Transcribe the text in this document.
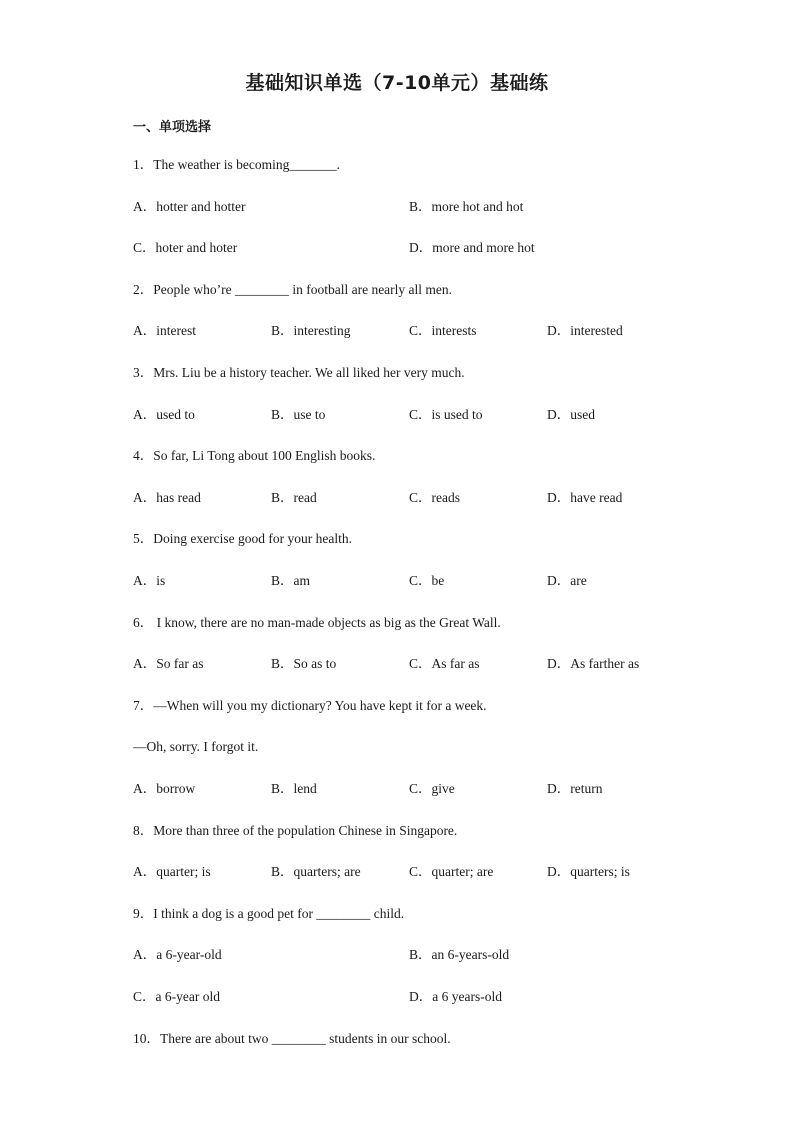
基础知识单选（7-10单元）基础练
一、单项选择
1．The weather is becoming_______.
A．hotter and hotter	B．more hot and hot
C．hoter and hoter	D．more and more hot
2．People who’re ________ in football are nearly all men.
A．interest	B．interesting	C．interests	D．interested
3．Mrs. Liu be a history teacher. We all liked her very much.
A．used to	B．use to	C．is used to	D．used
4．So far, Li Tong about 100 English books.
A．has read	B．read	C．reads	D．have read
5．Doing exercise good for your health.
A．is	B．am	C．be	D．are
6． I know, there are no man-made objects as big as the Great Wall.
A．So far as	B．So as to	C．As far as	D．As farther as
7．—When will you my dictionary? You have kept it for a week.
—Oh, sorry. I forgot it.
A．borrow	B．lend	C．give	D．return
8．More than three of the population Chinese in Singapore.
A．quarter; is	B．quarters; are	C．quarter; are	D．quarters; is
9．I think a dog is a good pet for ________ child.
A．a 6-year-old	B．an 6-years-old
C．a 6-year old	D．a 6 years-old
10．There are about two ________ students in our school.
